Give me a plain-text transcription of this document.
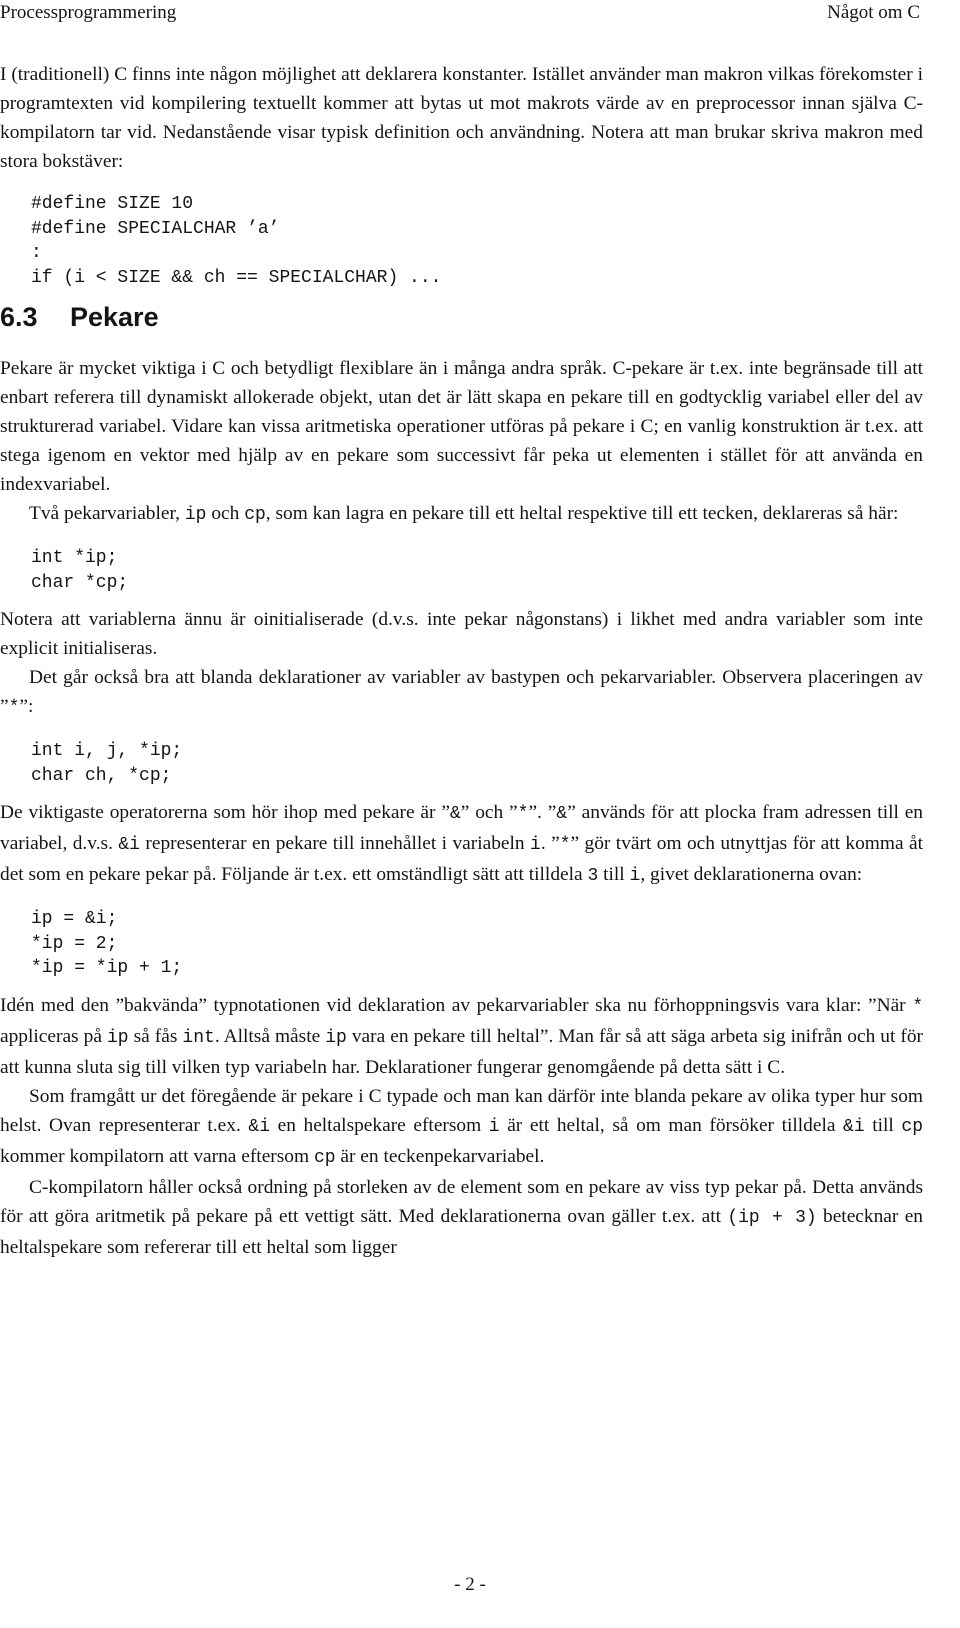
Processprogrammering	Något om C

I (traditionell) C finns inte någon möjlighet att deklarera konstanter. Istället använder man makron vilkas förekomster i programtexten vid kompilering textuellt kommer att bytas ut mot makrots värde av en preprocessor innan själva C-kompilatorn tar vid. Nedanstående visar typisk definition och användning. Notera att man brukar skriva makron med stora bokstäver:

#define SIZE 10
#define SPECIALCHAR ’a’
:
if (i < SIZE && ch == SPECIALCHAR) ...
6.3 Pekare

Pekare är mycket viktiga i C och betydligt flexiblare än i många andra språk. C-pekare är t.ex. inte begränsade till att enbart referera till dynamiskt allokerade objekt, utan det är lätt skapa en pekare till en godtycklig variabel eller del av strukturerad variabel. Vidare kan vissa aritmetiska operationer utföras på pekare i C; en vanlig konstruktion är t.ex. att stega igenom en vektor med hjälp av en pekare som successivt får peka ut elementen i stället för att använda en indexvariabel.

Två pekarvariabler, ip och cp, som kan lagra en pekare till ett heltal respektive till ett tecken, deklareras så här:

int *ip;
char *cp;

Notera att variablerna ännu är oinitialiserade (d.v.s. inte pekar någonstans) i likhet med andra variabler som inte explicit initialiseras.

Det går också bra att blanda deklarationer av variabler av bastypen och pekarvariabler. Observera placeringen av ”*”:

int i, j, *ip;
char ch, *cp;

De viktigaste operatorerna som hör ihop med pekare är ”&” och ”*”. ”&” används för att plocka fram adressen till en variabel, d.v.s. &i representerar en pekare till innehållet i variabeln i. ”*” gör tvärt om och utnyttjas för att komma åt det som en pekare pekar på. Följande är t.ex. ett omständligt sätt att tilldela 3 till i, givet deklarationerna ovan:

ip = &i;
*ip = 2;
*ip = *ip + 1;

Idén med den ”bakvända” typnotationen vid deklaration av pekarvariabler ska nu förhoppningsvis vara klar: ”När * appliceras på ip så fås int. Alltså måste ip vara en pekare till heltal”. Man får så att säga arbeta sig inifrån och ut för att kunna sluta sig till vilken typ variabeln har. Deklarationer fungerar genomgående på detta sätt i C.

Som framgått ur det föregående är pekare i C typade och man kan därför inte blanda pekare av olika typer hur som helst. Ovan representerar t.ex. &i en heltalspekare eftersom i är ett heltal, så om man försöker tilldela &i till cp kommer kompilatorn att varna eftersom cp är en teckenpekarvariabel.

C-kompilatorn håller också ordning på storleken av de element som en pekare av viss typ pekar på. Detta används för att göra aritmetik på pekare på ett vettigt sätt. Med deklarationerna ovan gäller t.ex. att (ip + 3) betecknar en heltalspekare som refererar till ett heltal som ligger

- 2 -
